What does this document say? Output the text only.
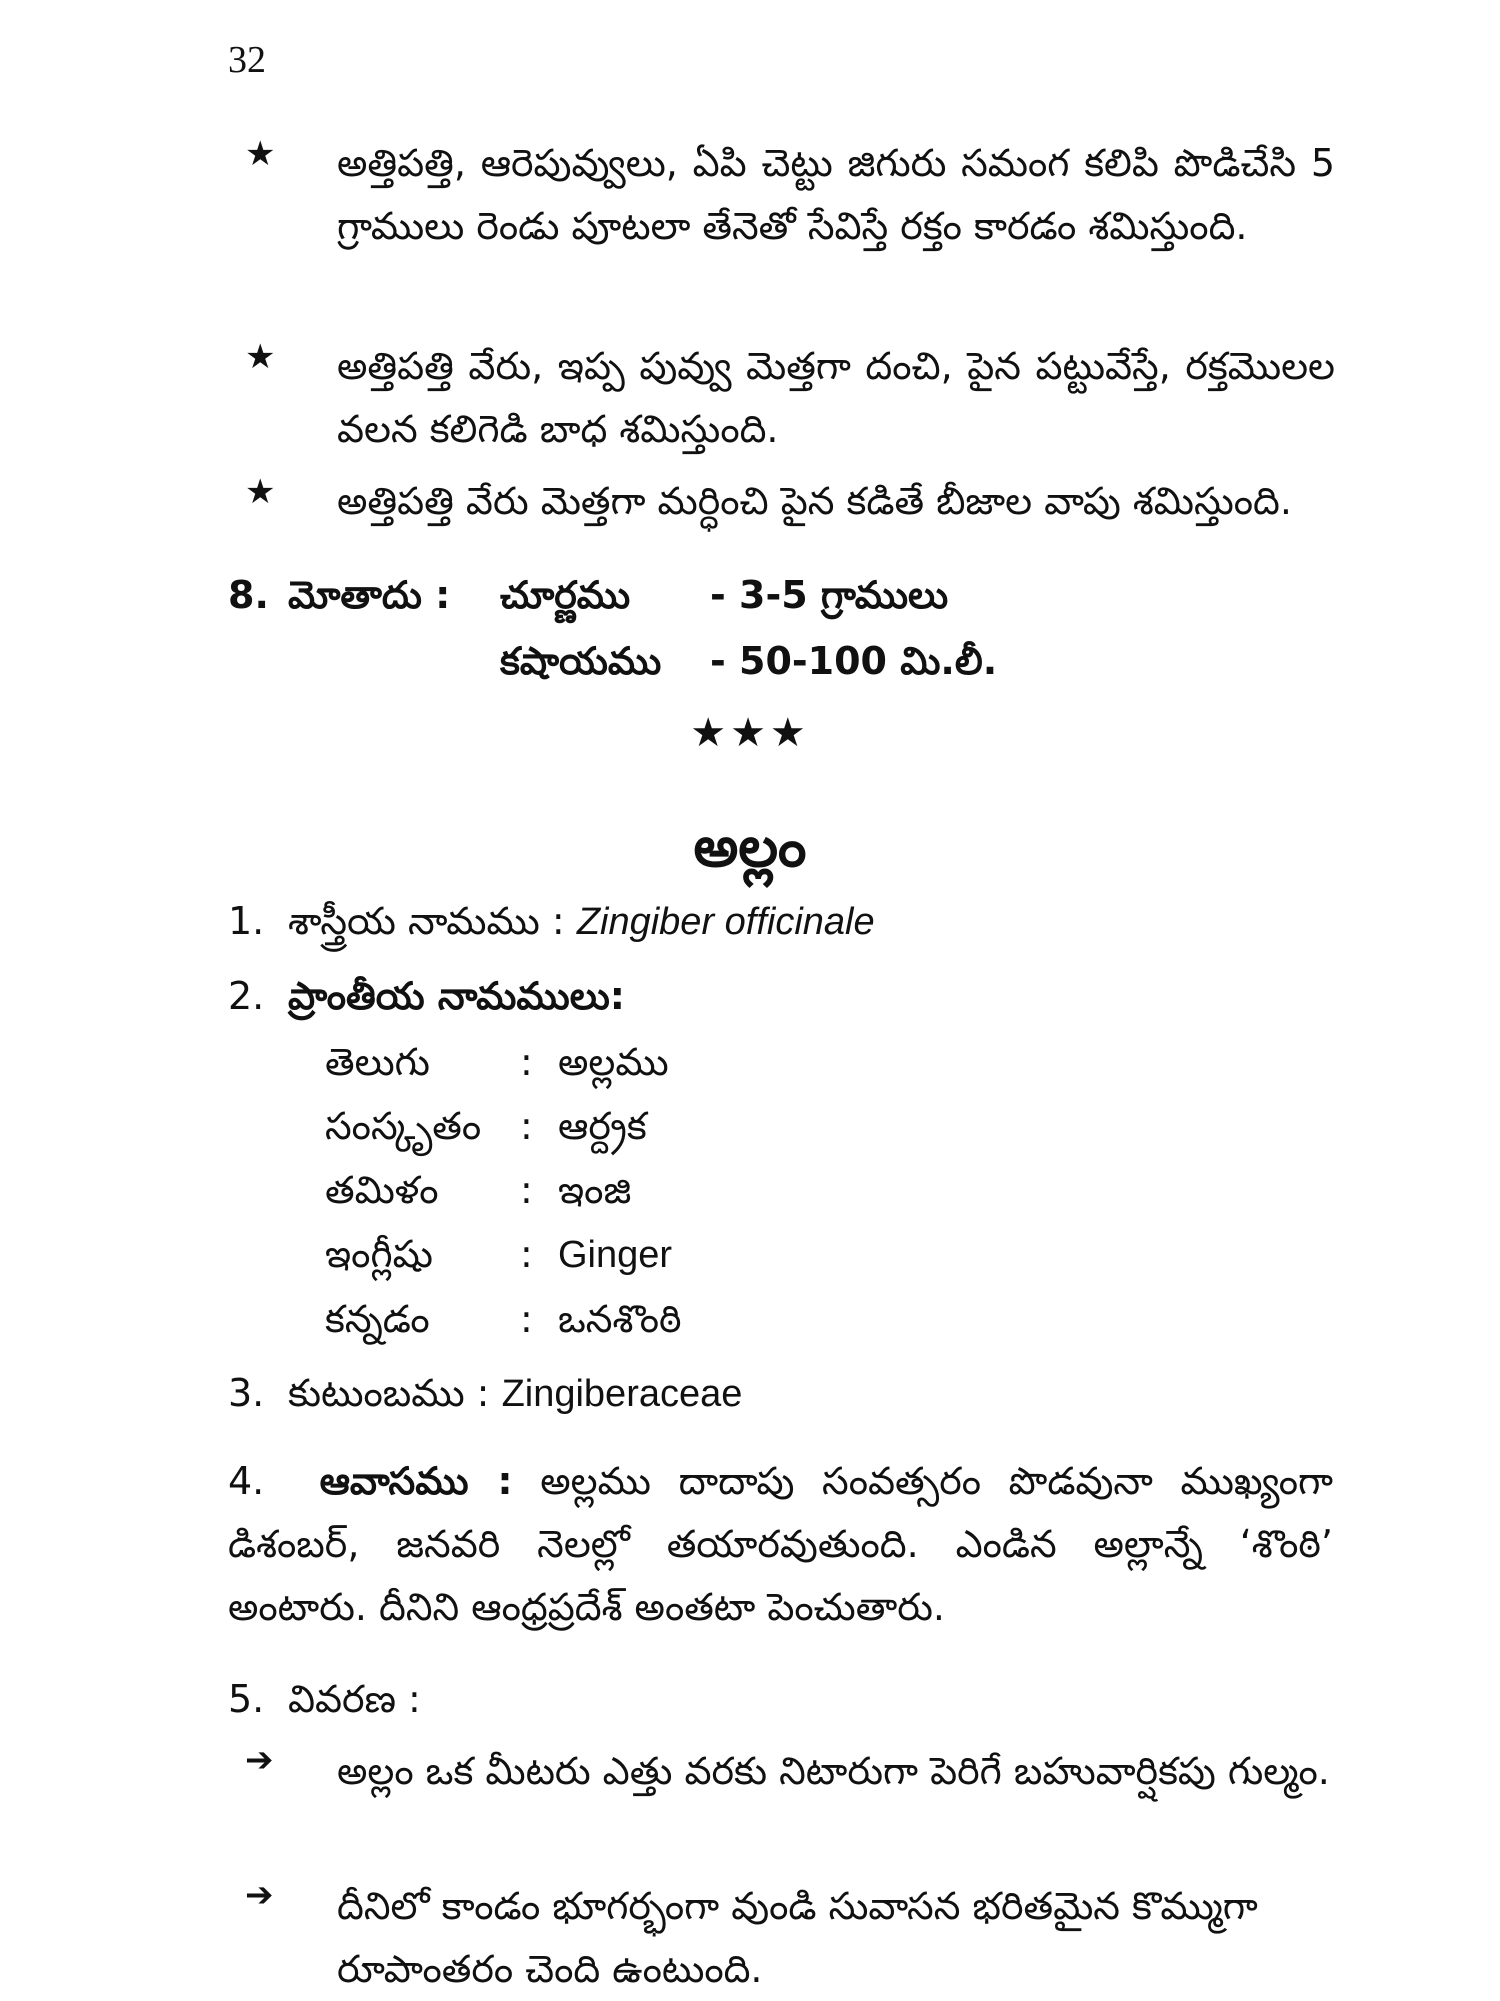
32
★ అత్తిపత్తి, ఆరెపువ్వులు, ఏపి చెట్టు జిగురు సమంగ కలిపి పొడిచేసి 5 గ్రాములు రెండు పూటలా తేనెతో సేవిస్తే రక్తం కారడం శమిస్తుంది.
★ అత్తిపత్తి వేరు, ఇప్ప పువ్వు మెత్తగా దంచి, పైన పట్టువేస్తే, రక్తమొలల వలన కలిగెడి బాధ శమిస్తుంది.
★ అత్తిపత్తి వేరు మెత్తగా మర్ధించి పైన కడితే బీజాల వాపు శమిస్తుంది.
8. మోతాదు : చూర్ణము - 3-5 గ్రాములు
కషాయము - 50-100 మి.లీ.
★★★
అల్లం
1. శాస్త్రీయ నామము : Zingiber officinale
2. ప్రాంతీయ నామములు:
తెలుగు : అల్లము
సంస్కృతం : ఆర్ద్రక
తమిళం : ఇంజి
ఇంగ్లీషు : Ginger
కన్నడం : ఒనశొంఠి
3. కుటుంబము : Zingiberaceae
4. ఆవాసము : అల్లము దాదాపు సంవత్సరం పొడవునా ముఖ్యంగా డిశంబర్, జనవరి నెలల్లో తయారవుతుంది. ఎండిన అల్లాన్నే ‘శొంఠి’ అంటారు. దీనిని ఆంధ్రప్రదేశ్ అంతటా పెంచుతారు.
5. వివరణ :
➔ అల్లం ఒక మీటరు ఎత్తు వరకు నిటారుగా పెరిగే బహువార్షికపు గుల్మం.
➔ దీనిలో కాండం భూగర్భంగా వుండి సువాసన భరితమైన కొమ్ముగా రూపాంతరం చెంది ఉంటుంది.
